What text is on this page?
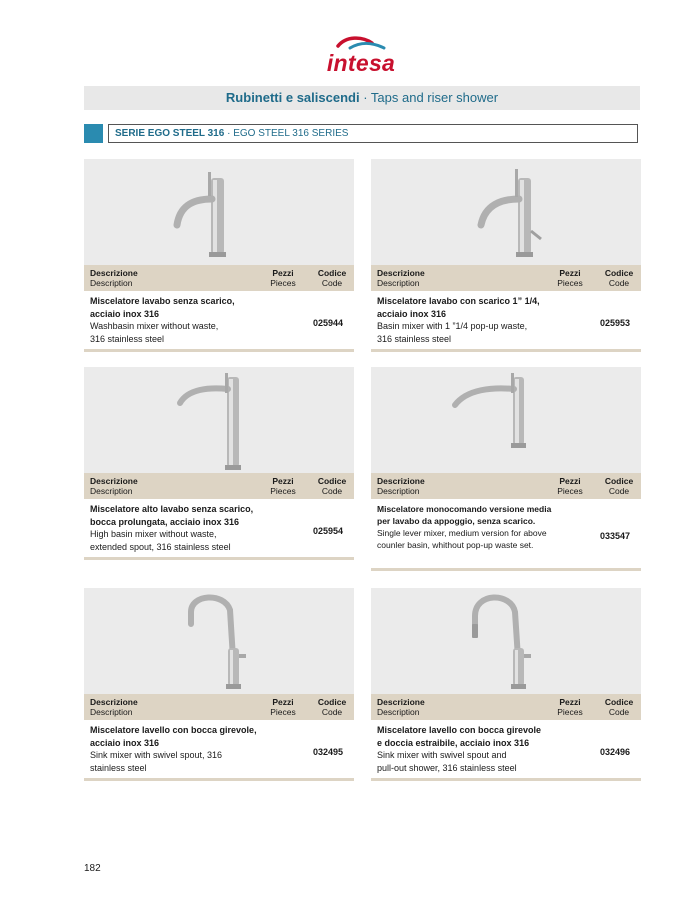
intesa
Rubinetti e saliscendi · Taps and riser shower
SERIE EGO STEEL 316 · EGO STEEL 316 SERIES
Descrizione
Description
Pezzi
Pieces
Codice
Code
Miscelatore lavabo senza scarico,
acciaio inox 316
Washbasin mixer without waste,
316 stainless steel
025944
Descrizione
Description
Pezzi
Pieces
Codice
Code
Miscelatore lavabo con scarico 1” 1/4,
acciaio inox 316
Basin mixer with 1 ”1/4 pop-up waste,
316 stainless steel
025953
Descrizione
Description
Pezzi
Pieces
Codice
Code
Miscelatore alto lavabo senza scarico,
bocca prolungata, acciaio inox 316
High basin mixer without waste,
extended spout, 316 stainless steel
025954
Descrizione
Description
Pezzi
Pieces
Codice
Code
Miscelatore monocomando versione media
per lavabo da appoggio, senza scarico.
Single lever mixer, medium version for above
counler basin, whithout pop-up waste set.
033547
Descrizione
Description
Pezzi
Pieces
Codice
Code
Miscelatore lavello con bocca girevole,
acciaio inox 316
Sink mixer with swivel spout, 316
stainless steel
032495
Descrizione
Description
Pezzi
Pieces
Codice
Code
Miscelatore lavello con bocca girevole
e doccia estraibile, acciaio inox 316
Sink mixer with swivel spout and
pull-out shower, 316 stainless steel
032496
182
